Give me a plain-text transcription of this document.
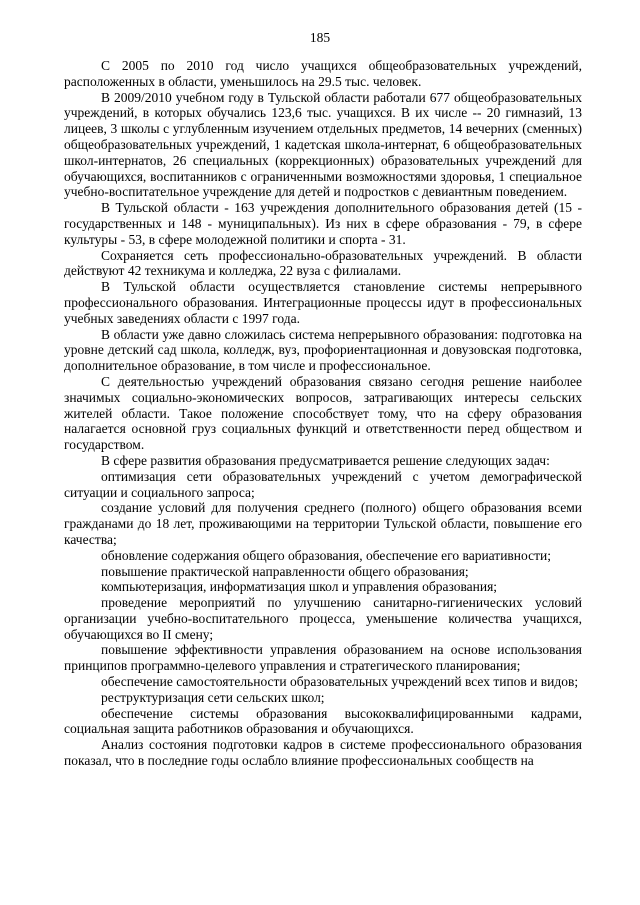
185

С 2005 по 2010 год число учащихся общеобразовательных учреждений, расположенных в области, уменьшилось на 29.5 тыс. человек.

В 2009/2010 учебном году в Тульской области работали 677 общеобразовательных учреждений, в которых обучались 123,6 тыс. учащихся. В их числе -- 20 гимназий, 13 лицеев, 3 школы с углубленным изучением отдельных предметов, 14 вечерних (сменных) общеобразовательных учреждений, 1 кадетская школа-интернат, 6 общеобразовательных школ-интернатов, 26 специальных (коррекционных) образовательных учреждений для обучающихся, воспитанников с ограниченными возможностями здоровья, 1 специальное учебно-воспитательное учреждение для детей и подростков с девиантным поведением.

В Тульской области - 163 учреждения дополнительного образования детей (15 - государственных и 148 - муниципальных). Из них в сфере образования - 79, в сфере культуры - 53, в сфере молодежной политики и спорта - 31.

Сохраняется сеть профессионально-образовательных учреждений. В области действуют 42 техникума и колледжа, 22 вуза с филиалами.

В Тульской области осуществляется становление системы непрерывного профессионального образования. Интеграционные процессы идут в профессиональных учебных заведениях области с 1997 года.

В области уже давно сложилась система непрерывного образования: подготовка на уровне детский сад школа, колледж, вуз, профориентационная и довузовская подготовка, дополнительное образование, в том числе и профессиональное.

С деятельностью учреждений образования связано сегодня решение наиболее значимых социально-экономических вопросов, затрагивающих интересы сельских жителей области. Такое положение способствует тому, что на сферу образования налагается основной груз социальных функций и ответственности перед обществом и государством.

В сфере развития образования предусматривается решение следующих задач:

оптимизация сети образовательных учреждений с учетом демографической ситуации и социального запроса;

создание условий для получения среднего (полного) общего образования всеми гражданами до 18 лет, проживающими на территории Тульской области, повышение его качества;

обновление содержания общего образования, обеспечение его вариативности;

повышение практической направленности общего образования;

компьютеризация, информатизация школ и управления образования;

проведение мероприятий по улучшению санитарно-гигиенических условий организации учебно-воспитательного процесса, уменьшение количества учащихся, обучающихся во II смену;

повышение эффективности управления образованием на основе использования принципов программно-целевого управления и стратегического планирования;

обеспечение самостоятельности образовательных учреждений всех типов и видов;

реструктуризация сети сельских школ;

обеспечение системы образования высококвалифицированными кадрами, социальная защита работников образования и обучающихся.

Анализ состояния подготовки кадров в системе профессионального образования показал, что в последние годы ослабло влияние профессиональных сообществ на
